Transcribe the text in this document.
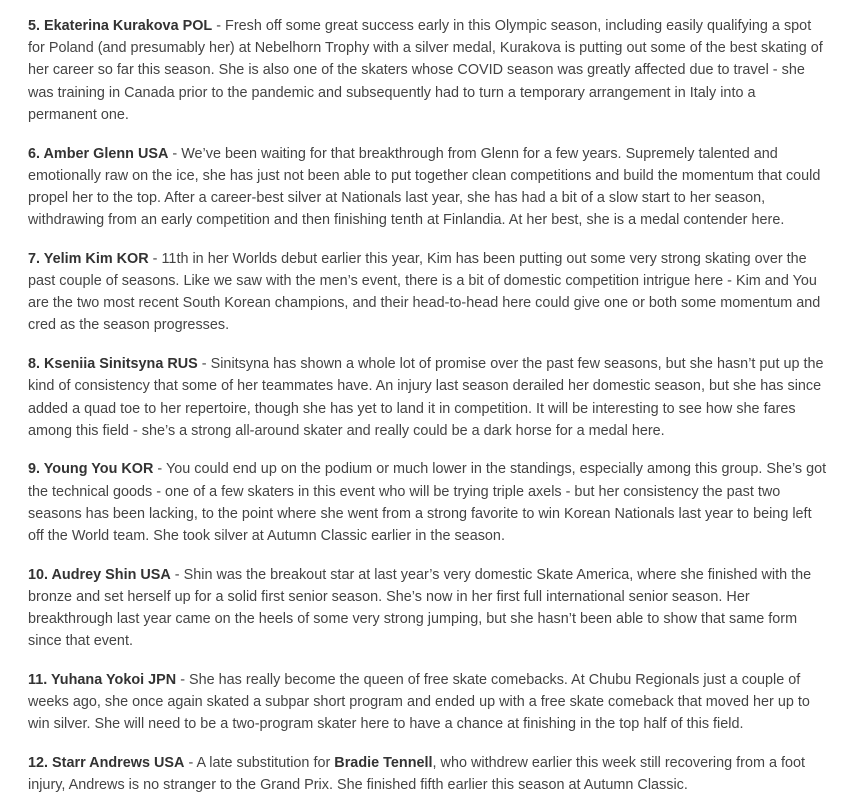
5. Ekaterina Kurakova POL - Fresh off some great success early in this Olympic season, including easily qualifying a spot for Poland (and presumably her) at Nebelhorn Trophy with a silver medal, Kurakova is putting out some of the best skating of her career so far this season. She is also one of the skaters whose COVID season was greatly affected due to travel - she was training in Canada prior to the pandemic and subsequently had to turn a temporary arrangement in Italy into a permanent one.

6. Amber Glenn USA - We’ve been waiting for that breakthrough from Glenn for a few years. Supremely talented and emotionally raw on the ice, she has just not been able to put together clean competitions and build the momentum that could propel her to the top. After a career-best silver at Nationals last year, she has had a bit of a slow start to her season, withdrawing from an early competition and then finishing tenth at Finlandia. At her best, she is a medal contender here.

7. Yelim Kim KOR - 11th in her Worlds debut earlier this year, Kim has been putting out some very strong skating over the past couple of seasons. Like we saw with the men’s event, there is a bit of domestic competition intrigue here - Kim and You are the two most recent South Korean champions, and their head-to-head here could give one or both some momentum and cred as the season progresses.

8. Kseniia Sinitsyna RUS - Sinitsyna has shown a whole lot of promise over the past few seasons, but she hasn’t put up the kind of consistency that some of her teammates have. An injury last season derailed her domestic season, but she has since added a quad toe to her repertoire, though she has yet to land it in competition. It will be interesting to see how she fares among this field - she’s a strong all-around skater and really could be a dark horse for a medal here.

9. Young You KOR - You could end up on the podium or much lower in the standings, especially among this group. She’s got the technical goods - one of a few skaters in this event who will be trying triple axels - but her consistency the past two seasons has been lacking, to the point where she went from a strong favorite to win Korean Nationals last year to being left off the World team. She took silver at Autumn Classic earlier in the season.

10. Audrey Shin USA - Shin was the breakout star at last year’s very domestic Skate America, where she finished with the bronze and set herself up for a solid first senior season. She’s now in her first full international senior season. Her breakthrough last year came on the heels of some very strong jumping, but she hasn’t been able to show that same form since that event.

11. Yuhana Yokoi JPN - She has really become the queen of free skate comebacks. At Chubu Regionals just a couple of weeks ago, she once again skated a subpar short program and ended up with a free skate comeback that moved her up to win silver. She will need to be a two-program skater here to have a chance at finishing in the top half of this field.

12. Starr Andrews USA - A late substitution for Bradie Tennell, who withdrew earlier this week still recovering from a foot injury, Andrews is no stranger to the Grand Prix. She finished fifth earlier this season at Autumn Classic.
